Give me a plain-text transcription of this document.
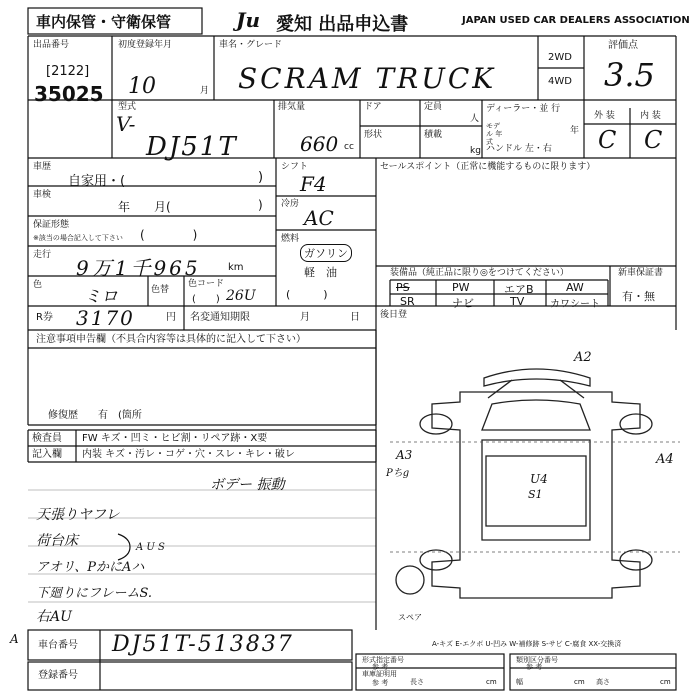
車内保管・守衛保管	Ju 愛知 出品申込書	JAPAN USED CAR DEALERS ASSOCIATION
出品番号
[2122]
35025
初度登録年月
10	月
車名・グレード
SCRAM TRUCK
2WD
4WD
評価点
3.5
型式
V-
DJ51T
排気量
660 cc
ドア	定員
人
形状	積載
kg
ディーラー・並 行
モデル 年式
年
ハンドル 左・右
外 装	内 装
C C
車歴
自家用・(	)
車検
年　　月(	)
保証形態
※該当の場合記入して下さい (　　　　)
走行
9万1千965	km
色
ミロ	色替
色コード
26U
(　　)
R券 3170	円 名変通知期限	月	日
シフト
F4
冷房
AC
燃料
ガソリン
軽　油
(　　　)
セールスポイント（正常に機能するものに限ります）
装備品（純正品に限り◎をつけてください）
PS	PW	エアB	AW
SR	ナビ	TV	カワシート
新車保証書
有・無
後日登
注意事項申告欄（不具合内容等は具体的に記入して下さい）
修復歴　　有　(箇所
検査員
記入欄
FW キズ・凹ミ・ヒビ割・リペア跡・X要
内装 キズ・汚レ・コゲ・穴・スレ・キレ・破レ
ボデー 振動
天張りヤフレ
荷台床
アオリ、PかにAハ
下廻りにフレームS.
右AU
A U S
A2
A3
Pちg
A4
U4
S1
スペア
A-キズ E-エクボ U-凹み W-補修跡 S-サビ C-腐食 XX-交換済
A 車台番号 DJ51T-513837
登録番号
形式指定番号
参 考
類別区分番号
参 考
車庫証明用
参 考	長さ	cm	幅	cm 高さ	cm
